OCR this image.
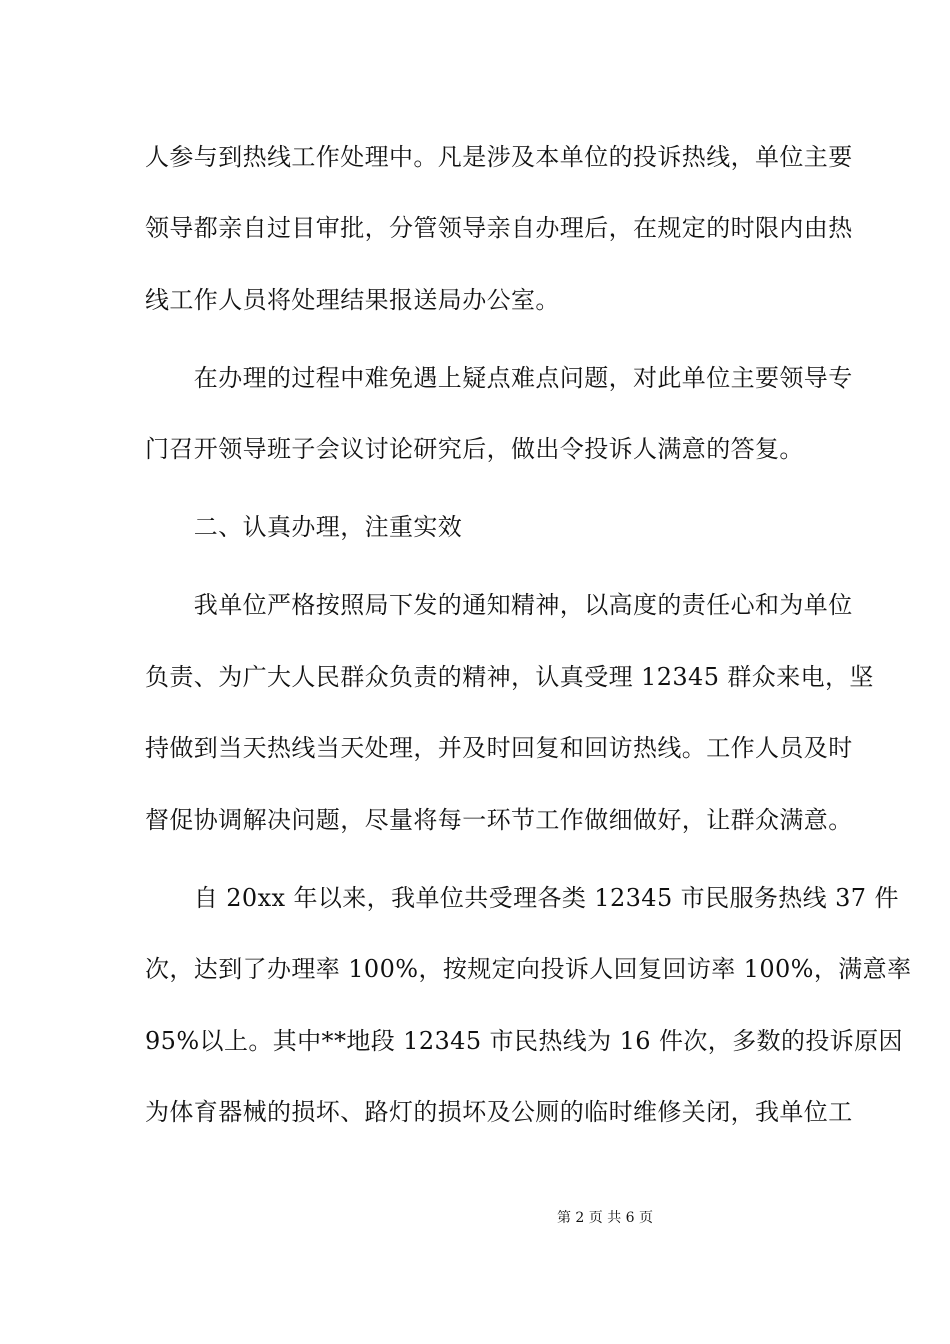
人参与到热线工作处理中。凡是涉及本单位的投诉热线，单位主要
领导都亲自过目审批，分管领导亲自办理后，在规定的时限内由热
线工作人员将处理结果报送局办公室。
　　在办理的过程中难免遇上疑点难点问题，对此单位主要领导专
门召开领导班子会议讨论研究后，做出令投诉人满意的答复。
　　二、认真办理，注重实效
　　我单位严格按照局下发的通知精神，以高度的责任心和为单位
负责、为广大人民群众负责的精神，认真受理 12345 群众来电，坚
持做到当天热线当天处理，并及时回复和回访热线。工作人员及时
督促协调解决问题，尽量将每一环节工作做细做好，让群众满意。
　　自 20xx 年以来，我单位共受理各类 12345 市民服务热线 37 件
次，达到了办理率 100%，按规定向投诉人回复回访率 100%，满意率
95%以上。其中**地段 12345 市民热线为 16 件次，多数的投诉原因
为体育器械的损坏、路灯的损坏及公厕的临时维修关闭，我单位工
第 2 页 共 6 页
